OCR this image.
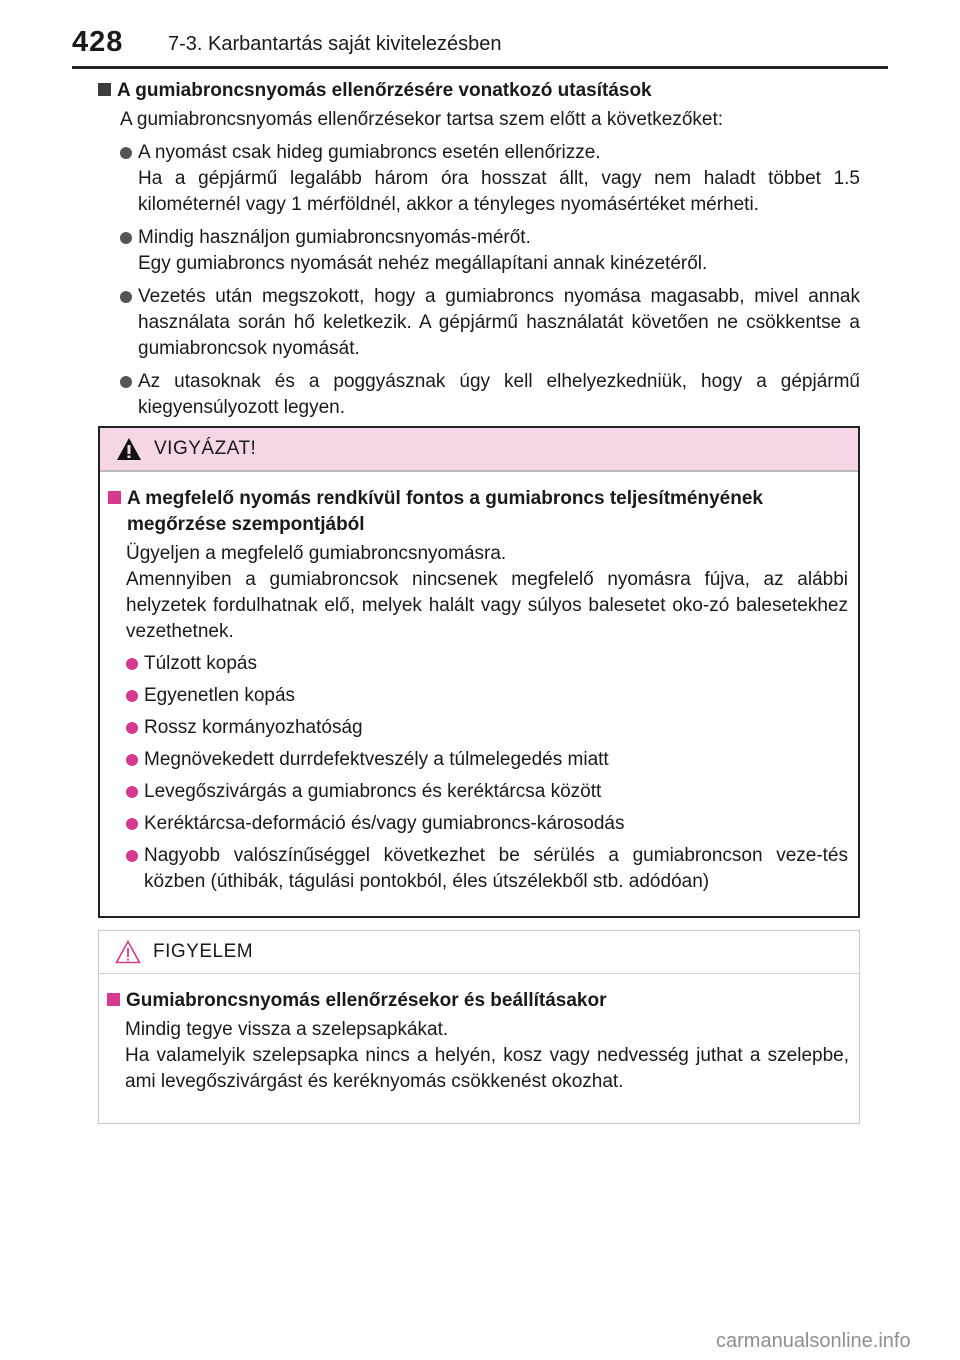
428 7-3. Karbantartás saját kivitelezésben
A gumiabroncsnyomás ellenőrzésére vonatkozó utasítások

A gumiabroncsnyomás ellenőrzésekor tartsa szem előtt a következőket:

A nyomást csak hideg gumiabroncs esetén ellenőrizze.
Ha a gépjármű legalább három óra hosszat állt, vagy nem haladt többet 1.5 kilométernél vagy 1 mérföldnél, akkor a tényleges nyomásértéket mérheti.
Mindig használjon gumiabroncsnyomás-mérőt.
Egy gumiabroncs nyomását nehéz megállapítani annak kinézetéről.
Vezetés után megszokott, hogy a gumiabroncs nyomása magasabb, mivel annak használata során hő keletkezik. A gépjármű használatát követően ne csökkentse a gumiabroncsok nyomását.
Az utasoknak és a poggyásznak úgy kell elhelyezkedniük, hogy a gépjármű kiegyensúlyozott legyen.
VIGYÁZAT!
A megfelelő nyomás rendkívül fontos a gumiabroncs teljesítményének megőrzése szempontjából

Ügyeljen a megfelelő gumiabroncsnyomásra.
Amennyiben a gumiabroncsok nincsenek megfelelő nyomásra fújva, az alábbi helyzetek fordulhatnak elő, melyek halált vagy súlyos balesetet oko-zó balesetekhez vezethetnek.

Túlzott kopás
Egyenetlen kopás
Rossz kormányozhatóság
Megnövekedett durrdefektveszély a túlmelegedés miatt
Levegőszivárgás a gumiabroncs és keréktárcsa között
Keréktárcsa-deformáció és/vagy gumiabroncs-károsodás
Nagyobb valószínűséggel következhet be sérülés a gumiabroncson veze-tés közben (úthibák, tágulási pontokból, éles útszélekből stb. adódóan)
FIGYELEM
Gumiabroncsnyomás ellenőrzésekor és beállításakor

Mindig tegye vissza a szelepsapkákat.
Ha valamelyik szelepsapka nincs a helyén, kosz vagy nedvesség juthat a szelepbe, ami levegőszivárgást és keréknyomás csökkenést okozhat.

carmanualsonline.info
